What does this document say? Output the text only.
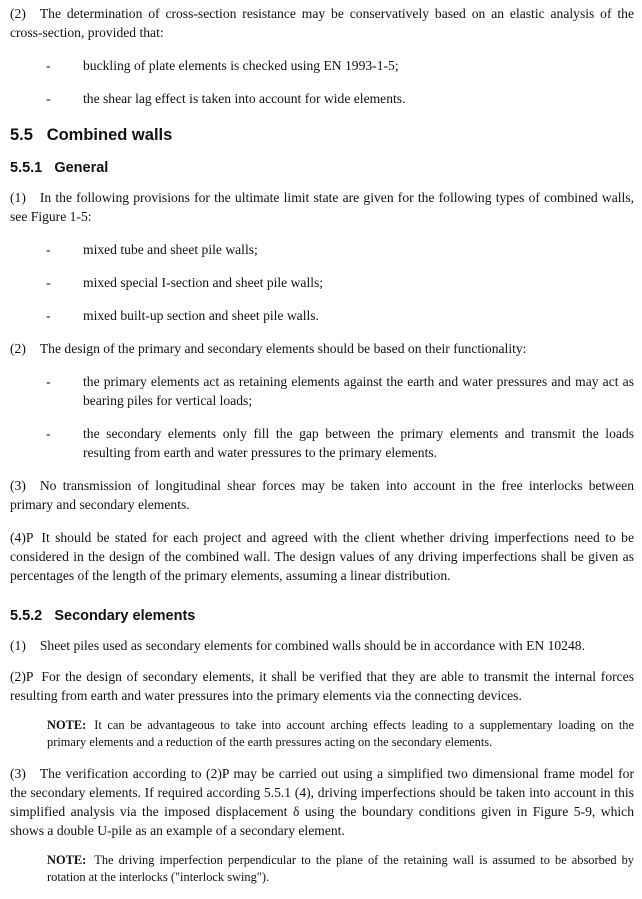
(2) The determination of cross-section resistance may be conservatively based on an elastic analysis of the cross-section, provided that:

- buckling of plate elements is checked using EN 1993-1-5;
- the shear lag effect is taken into account for wide elements.
5.5   Combined walls
5.5.1   General

(1) In the following provisions for the ultimate limit state are given for the following types of combined walls, see Figure 1-5:

- mixed tube and sheet pile walls;
- mixed special I-section and sheet pile walls;
- mixed built-up section and sheet pile walls.

(2) The design of the primary and secondary elements should be based on their functionality:

- the primary elements act as retaining elements against the earth and water pressures and may act as bearing piles for vertical loads;
- the secondary elements only fill the gap between the primary elements and transmit the loads resulting from earth and water pressures to the primary elements.

(3) No transmission of longitudinal shear forces may be taken into account in the free interlocks between primary and secondary elements.

(4)P It should be stated for each project and agreed with the client whether driving imperfections need to be considered in the design of the combined wall. The design values of any driving imperfections shall be given as percentages of the length of the primary elements, assuming a linear distribution.

5.5.2   Secondary elements

(1) Sheet piles used as secondary elements for combined walls should be in accordance with EN 10248.

(2)P For the design of secondary elements, it shall be verified that they are able to transmit the internal forces resulting from earth and water pressures into the primary elements via the connecting devices.

NOTE: It can be advantageous to take into account arching effects leading to a supplementary loading on the primary elements and a reduction of the earth pressures acting on the secondary elements.

(3) The verification according to (2)P may be carried out using a simplified two dimensional frame model for the secondary elements. If required according 5.5.1 (4), driving imperfections should be taken into account in this simplified analysis via the imposed displacement δ using the boundary conditions given in Figure 5-9, which shows a double U-pile as an example of a secondary element.

NOTE: The driving imperfection perpendicular to the plane of the retaining wall is assumed to be absorbed by rotation at the interlocks ("interlock swing").
